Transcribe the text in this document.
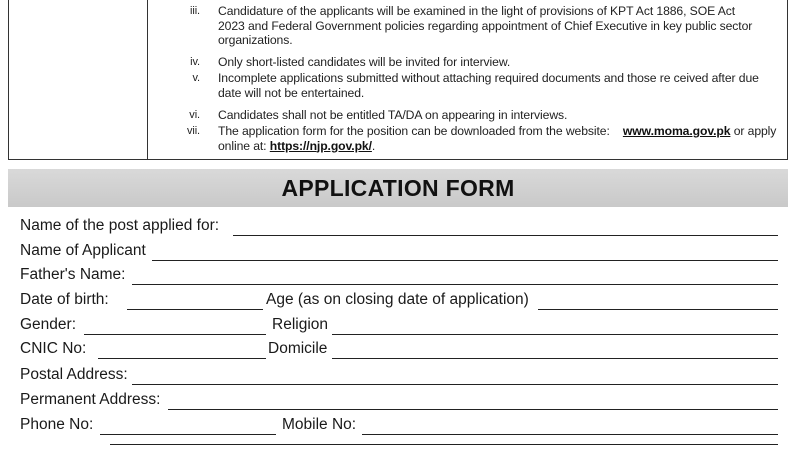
iii. Candidature of the applicants will be examined in the light of provisions of KPT Act 1886, SOE Act 2023 and Federal Government policies regarding appointment of Chief Executive in key public sector organizations.
iv. Only short-listed candidates will be invited for interview.
v. Incomplete applications submitted without attaching required documents and those re ceived after due date will not be entertained.
vi. Candidates shall not be entitled TA/DA on appearing in interviews.
vii. The application form for the position can be downloaded from the website: www.moma.gov.pk or apply online at: https://njp.gov.pk/.
APPLICATION FORM
Name of the post applied for:
Name of Applicant
Father's Name:
Date of birth:	Age (as on closing date of application)
Gender:	Religion
CNIC No:	Domicile
Postal Address:
Permanent Address:
Phone No:	Mobile No:
